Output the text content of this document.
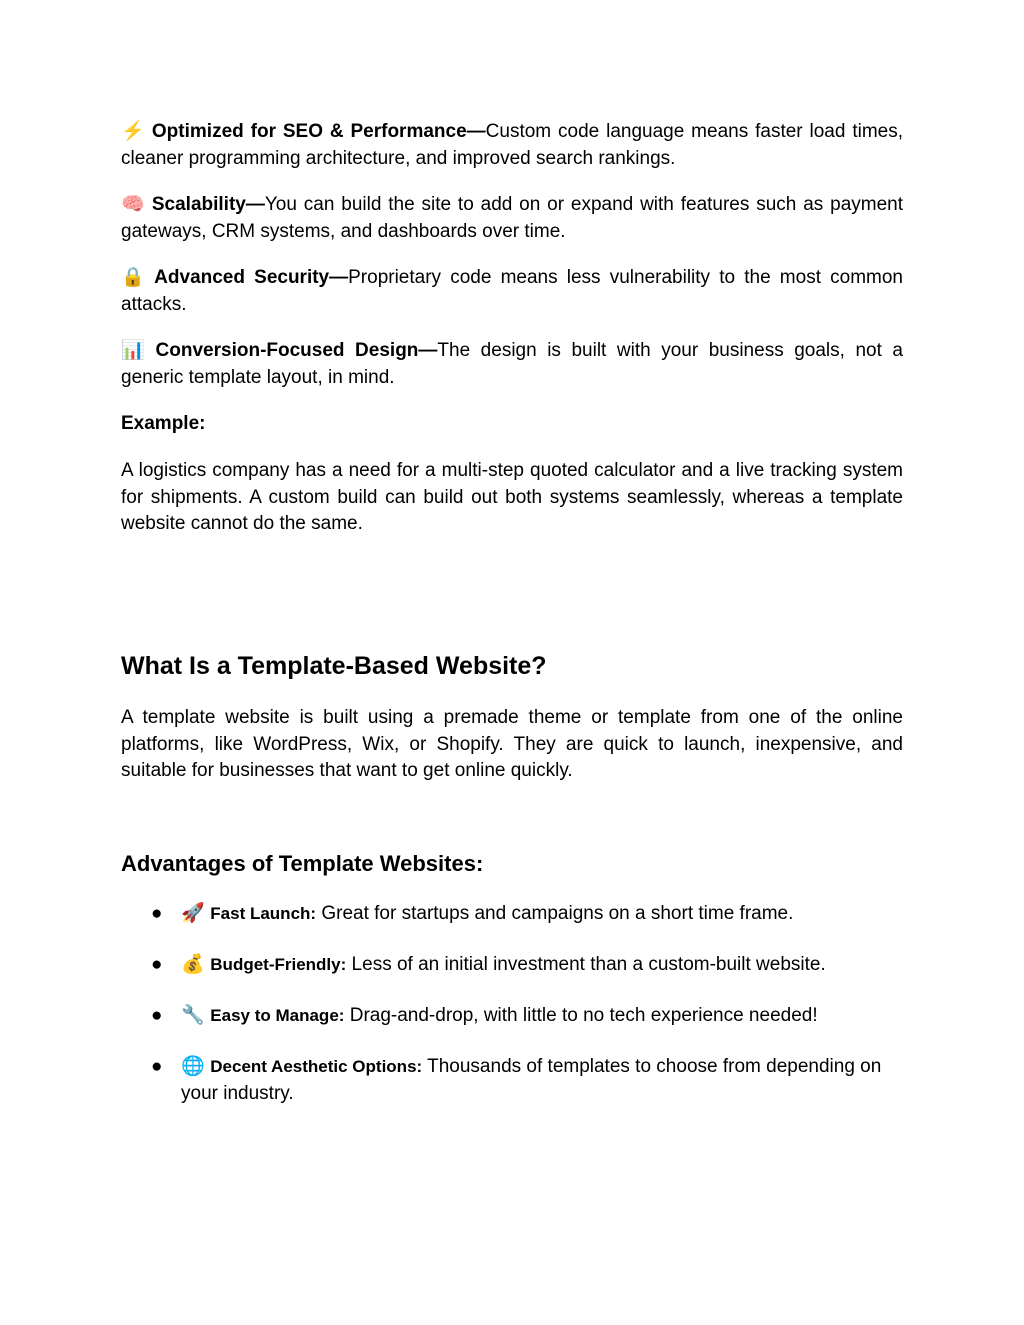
⚡ Optimized for SEO & Performance—Custom code language means faster load times, cleaner programming architecture, and improved search rankings.
🧠 Scalability—You can build the site to add on or expand with features such as payment gateways, CRM systems, and dashboards over time.
🔒 Advanced Security—Proprietary code means less vulnerability to the most common attacks.
📊 Conversion-Focused Design—The design is built with your business goals, not a generic template layout, in mind.
Example:
A logistics company has a need for a multi-step quoted calculator and a live tracking system for shipments. A custom build can build out both systems seamlessly, whereas a template website cannot do the same.
What Is a Template-Based Website?
A template website is built using a premade theme or template from one of the online platforms, like WordPress, Wix, or Shopify. They are quick to launch, inexpensive, and suitable for businesses that want to get online quickly.
Advantages of Template Websites:
● 🚀 Fast Launch: Great for startups and campaigns on a short time frame.
● 💰 Budget-Friendly: Less of an initial investment than a custom-built website.
● 🔧 Easy to Manage: Drag-and-drop, with little to no tech experience needed!
● 🌐 Decent Aesthetic Options: Thousands of templates to choose from depending on your industry.
